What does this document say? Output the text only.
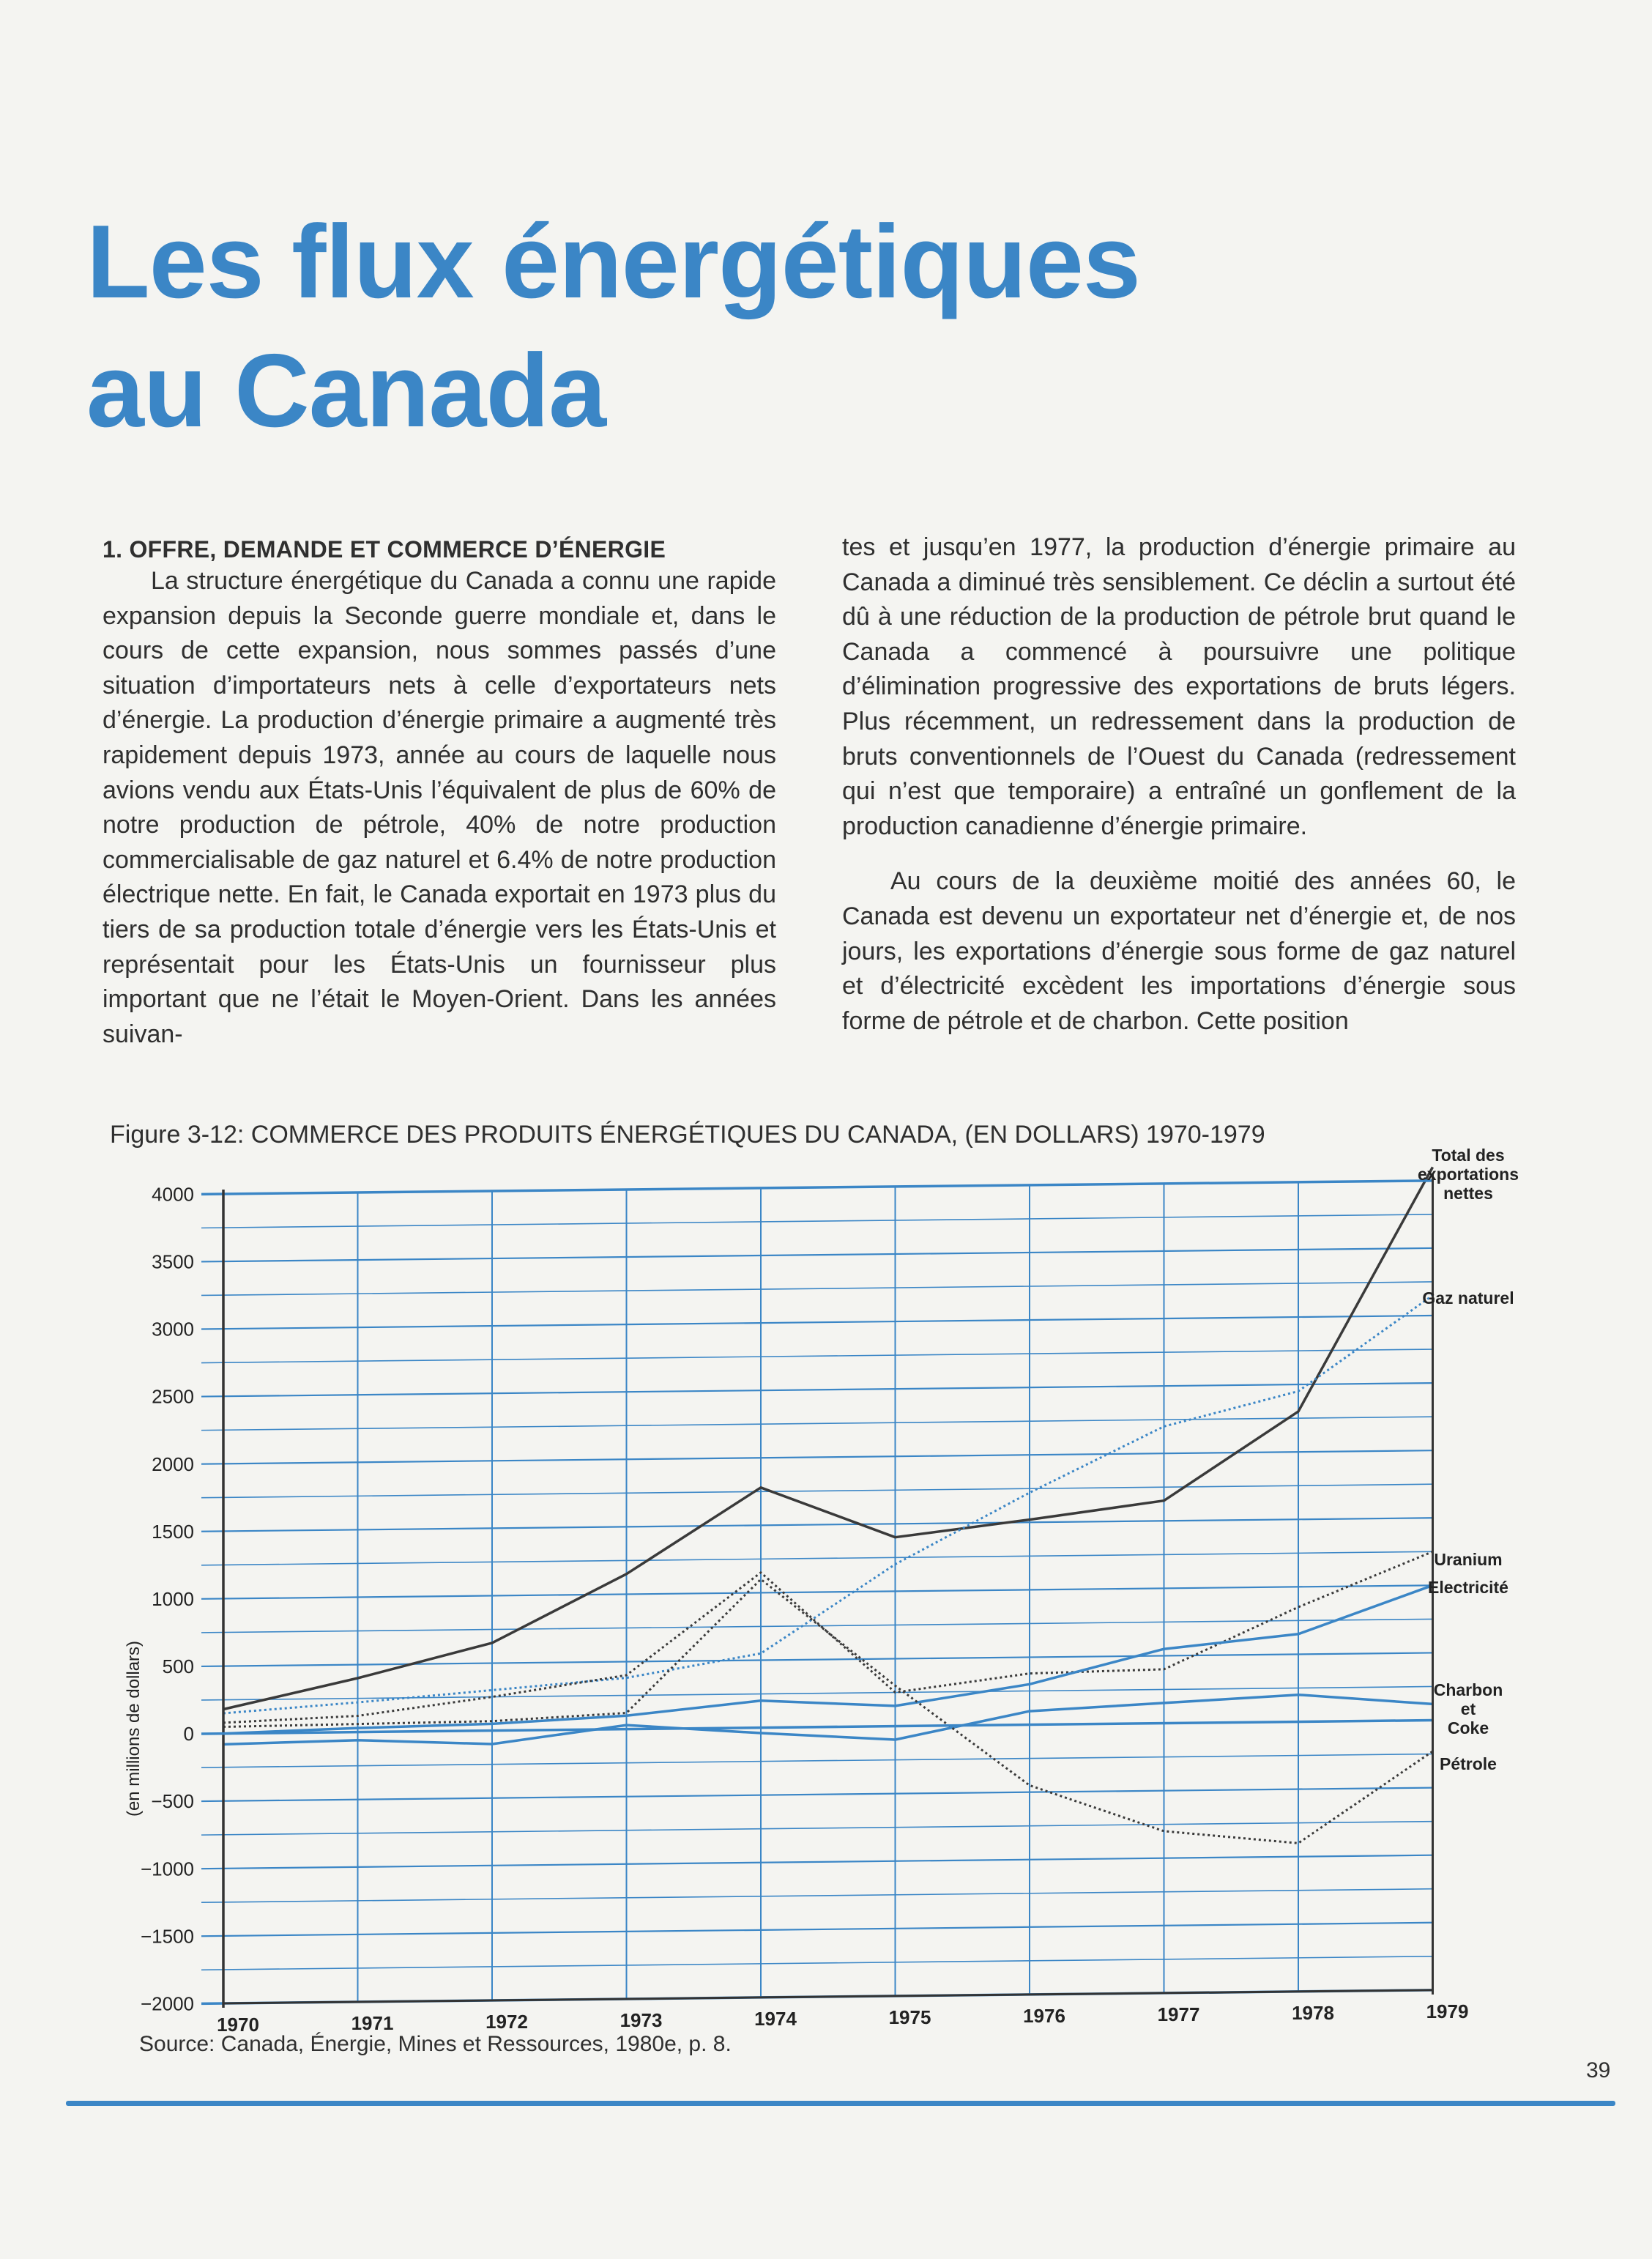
Les flux énergétiques
au Canada

1. OFFRE, DEMANDE ET COMMERCE D’ÉNERGIE

La structure énergétique du Canada a connu une rapide expansion depuis la Seconde guerre mondiale et, dans le cours de cette expansion, nous sommes passés d’une situation d’importateurs nets à celle d’exportateurs nets d’énergie. La production d’énergie primaire a augmenté très rapidement depuis 1973, année au cours de laquelle nous avions vendu aux États-Unis l’équivalent de plus de 60% de notre production de pétrole, 40% de notre production commercialisable de gaz naturel et 6.4% de notre production électrique nette. En fait, le Canada exportait en 1973 plus du tiers de sa production totale d’énergie vers les États-Unis et représentait pour les États-Unis un fournisseur plus important que ne l’était le Moyen-Orient. Dans les années suivan-

tes et jusqu’en 1977, la production d’énergie primaire au Canada a diminué très sensiblement. Ce déclin a surtout été dû à une réduction de la production de pétrole brut quand le Canada a commencé à poursuivre une politique d’élimination progressive des exportations de bruts légers. Plus récemment, un redressement dans la production de bruts conventionnels de l’Ouest du Canada (redressement qui n’est que temporaire) a entraîné un gonflement de la production canadienne d’énergie primaire.

Au cours de la deuxième moitié des années 60, le Canada est devenu un exportateur net d’énergie et, de nos jours, les exportations d’énergie sous forme de gaz naturel et d’électricité excèdent les importations d’énergie sous forme de pétrole et de charbon. Cette position

Figure 3-12: COMMERCE DES PRODUITS ÉNERGÉTIQUES DU CANADA, (EN DOLLARS) 1970-1979
4000
3500
3000
2500
2000
1500
1000
500
0
−500
−1000
−1500
−2000
1970	1971	1972	1973	1974	1975	1976	1977	1978	1979
(en millions de dollars)
Total des exportations nettes
Gaz naturel
Uranium
Electricité
Charbon et Coke
Pétrole
Source: Canada, Énergie, Mines et Ressources, 1980e, p. 8.
39
